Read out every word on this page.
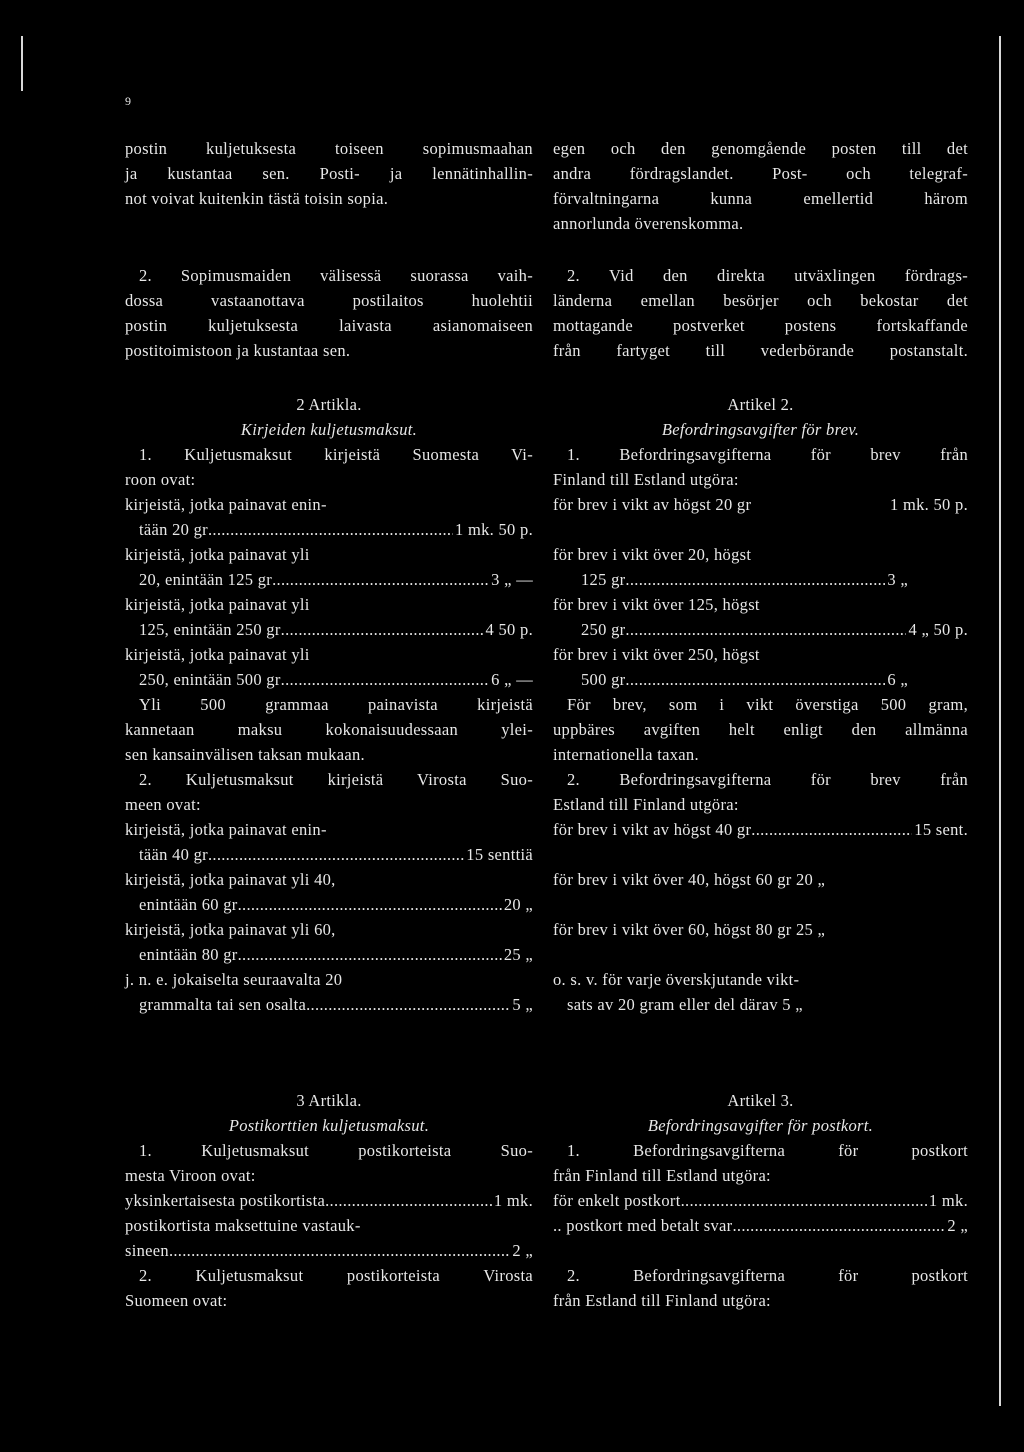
9
postin kuljetuksesta toiseen sopimusmaahan
ja kustantaa sen. Posti- ja lennätinhallin-
not voivat kuitenkin tästä toisin sopia.
2. Sopimusmaiden välisessä suorassa vaih-
dossa vastaanottava postilaitos huolehtii
postin kuljetuksesta laivasta asianomaiseen
postitoimistoon ja kustantaa sen.
2 Artikla.
Kirjeiden kuljetusmaksut.
1. Kuljetusmaksut kirjeistä Suomesta Vi-
roon ovat:
kirjeistä, jotka painavat enin-
tään 20 gr .....	1 mk. 50 p.
kirjeistä, jotka painavat yli
20, enintään 125 gr .....	3 „ —
kirjeistä, jotka painavat yli
125, enintään 250 gr .....	4 50 p.
kirjeistä, jotka painavat yli
250, enintään 500 gr .....	6 „ —
Yli 500 grammaa painavista kirjeistä
kannetaan maksu kokonaisuudessaan ylei-
sen kansainvälisen taksan mukaan.
2. Kuljetusmaksut kirjeistä Virosta Suo-
meen ovat:
kirjeistä, jotka painavat enin-
tään 40 gr .....	15 senttiä
kirjeistä, jotka painavat yli 40,
enintään 60 gr .....	20 „
kirjeistä, jotka painavat yli 60,
enintään 80 gr .....	25 „
j. n. e. jokaiselta seuraavalta 20
grammalta tai sen osalta .....	5 „
3 Artikla.
Postikorttien kuljetusmaksut.
1. Kuljetusmaksut postikorteista Suo-
mesta Viroon ovat:
yksinkertaisesta postikortista .....	1 mk.
postikortista maksettuine vastauk-
sineen .....	2 „
2. Kuljetusmaksut postikorteista Virosta
Suomeen ovat:
egen och den genomgående posten till det
andra fördragslandet. Post- och telegraf-
förvaltningarna kunna emellertid härom
annorlunda överenskomma.
2. Vid den direkta utväxlingen fördrags-
länderna emellan besörjer och bekostar det
mottagande postverket postens fortskaffande
från fartyget till vederbörande postanstalt.
Artikel 2.
Befordringsavgifter för brev.
1. Befordringsavgifterna för brev från
Finland till Estland utgöra:
för brev i vikt av högst 20 gr	1 mk. 50 p.
för brev i vikt över 20, högst
125 gr .....	3 „
för brev i vikt över 125, högst
250 gr .....	4 „ 50 p.
för brev i vikt över 250, högst
500 gr .....	6 „
För brev, som i vikt överstiga 500 gram,
uppbäres avgiften helt enligt den allmänna
internationella taxan.
2. Befordringsavgifterna för brev från
Estland till Finland utgöra:
för brev i vikt av högst 40 gr .....	15 sent.
för brev i vikt över 40, högst 60 gr 20 „
för brev i vikt över 60, högst 80 gr 25 „
o. s. v. för varje överskjutande vikt-
sats av 20 gram eller del därav 5 „
Artikel 3.
Befordringsavgifter för postkort.
1. Befordringsavgifterna för postkort
från Finland till Estland utgöra:
för enkelt postkort .....	1 mk.
.. postkort med betalt svar .....	2 „
2. Befordringsavgifterna för postkort
från Estland till Finland utgöra:
